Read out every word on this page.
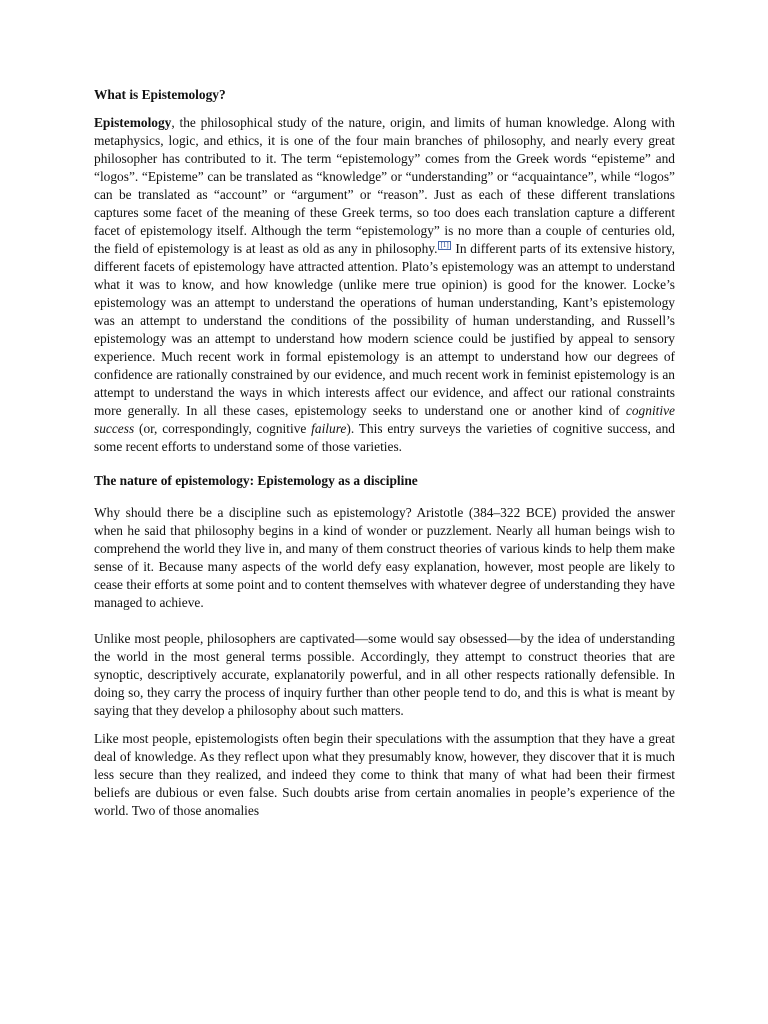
What is Epistemology?

Epistemology, the philosophical study of the nature, origin, and limits of human knowledge. Along with metaphysics, logic, and ethics, it is one of the four main branches of philosophy, and nearly every great philosopher has contributed to it. The term “epistemology” comes from the Greek words “episteme” and “logos”. “Episteme” can be translated as “knowledge” or “understanding” or “acquaintance”, while “logos” can be translated as “account” or “argument” or “reason”. Just as each of these different translations captures some facet of the meaning of these Greek terms, so too does each translation capture a different facet of epistemology itself. Although the term “epistemology” is no more than a couple of centuries old, the field of epistemology is at least as old as any in philosophy. [1] In different parts of its extensive history, different facets of epistemology have attracted attention. Plato’s epistemology was an attempt to understand what it was to know, and how knowledge (unlike mere true opinion) is good for the knower. Locke’s epistemology was an attempt to understand the operations of human understanding, Kant’s epistemology was an attempt to understand the conditions of the possibility of human understanding, and Russell’s epistemology was an attempt to understand how modern science could be justified by appeal to sensory experience. Much recent work in formal epistemology is an attempt to understand how our degrees of confidence are rationally constrained by our evidence, and much recent work in feminist epistemology is an attempt to understand the ways in which interests affect our evidence, and affect our rational constraints more generally. In all these cases, epistemology seeks to understand one or another kind of cognitive success (or, correspondingly, cognitive failure). This entry surveys the varieties of cognitive success, and some recent efforts to understand some of those varieties.

The nature of epistemology: Epistemology as a discipline

Why should there be a discipline such as epistemology? Aristotle (384–322 BCE) provided the answer when he said that philosophy begins in a kind of wonder or puzzlement. Nearly all human beings wish to comprehend the world they live in, and many of them construct theories of various kinds to help them make sense of it. Because many aspects of the world defy easy explanation, however, most people are likely to cease their efforts at some point and to content themselves with whatever degree of understanding they have managed to achieve.

Unlike most people, philosophers are captivated—some would say obsessed—by the idea of understanding the world in the most general terms possible. Accordingly, they attempt to construct theories that are synoptic, descriptively accurate, explanatorily powerful, and in all other respects rationally defensible. In doing so, they carry the process of inquiry further than other people tend to do, and this is what is meant by saying that they develop a philosophy about such matters.

Like most people, epistemologists often begin their speculations with the assumption that they have a great deal of knowledge. As they reflect upon what they presumably know, however, they discover that it is much less secure than they realized, and indeed they come to think that many of what had been their firmest beliefs are dubious or even false. Such doubts arise from certain anomalies in people’s experience of the world. Two of those anomalies
